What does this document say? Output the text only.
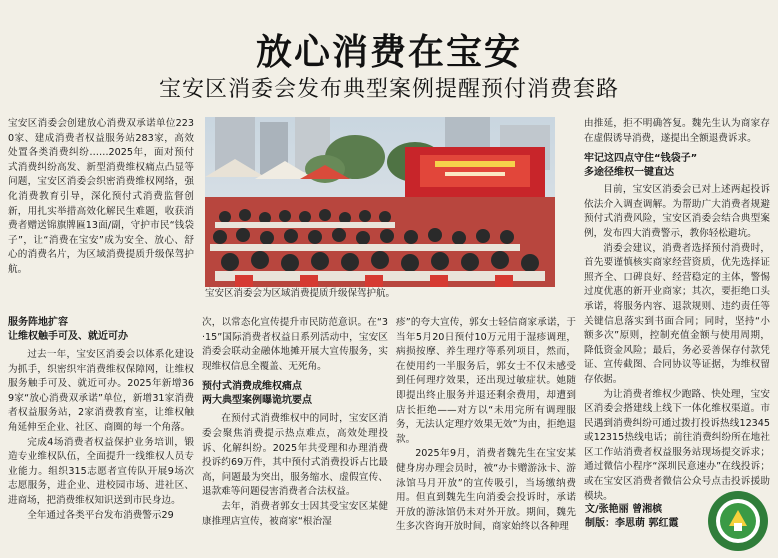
放心消费在宝安
宝安区消委会发布典型案例提醒预付消费套路

宝安区消委会创建放心消费双承诺单位2230家、建成消费者权益服务站283家，高效处置各类消费纠纷……2025年，面对预付式消费纠纷高发、新型消费维权痛点凸显等问题，宝安区消委会织密消费维权网络，强化消费教育引导，深化预付式消费监督创新，用扎实举措高效化解民生难题，收获消费者赠送锦旗牌匾13面/副，守护市民“钱袋子”，让“消费在宝安”成为安全、放心、舒心的消费名片，为区域消费提质升级保驾护航。

宝安区消委会为区域消费提质升级保驾护航。
服务阵地扩容
让维权触手可及、就近可办

过去一年，宝安区消委会以体系化建设为抓手，织密织牢消费维权保障网，让维权服务触手可及、就近可办。2025年新增369家“放心消费双承诺”单位，新增31家消费者权益服务站，2家消费教育室，让维权触角延伸至企业、社区、商圈的每一个角落。

完成4场消费者权益保护业务培训，锻造专业维权队伍，全面提升一线维权人员专业能力。组织315志愿者宣传队开展9场次志愿服务，进企业、进校园市场、进社区、进商场，把消费维权知识送到市民身边。

全年通过各类平台发布消费警示29

次，以常态化宣传提升市民防范意识。在“3·15”国际消费者权益日系列活动中，宝安区消委会联动金融体地摊开展大宣传服务，实现维权信息全覆盖、无死角。

预付式消费成维权痛点
两大典型案例曝诡坑要点

在预付式消费维权中的同时，宝安区消委会聚焦消费提示热点难点，高效处理投诉、化解纠纷。2025年共受理和办理消费投诉约69万件，其中预付式消费投诉占比最高，问题最为突出，服务缩水、虚假宣传、退款难等问题侵害消费者合法权益。

去年，消费者郭女士因其受宝安区某健康推理店宣传，被商家“根治湿

疹”的夸大宣传，郭女士轻信商家承诺，于当年5月20日预付10万元用于湿疹调理，病损按摩、养生理疗等系列项目，然而，在使用约一半服务后，郭女士不仅未感受到任何理疗效果，还出现过敏症状。她随即提出终止服务并退还剩余费用，却遭到店长拒绝——对方以“未用完所有调理服务，无法认定理疗效果无效”为由，拒绝退款。

2025年9月，消费者魏先生在宝安某健身房办理会员时，被“办卡赠游泳卡、游泳馆马月开放”的宣传吸引，当场缴纳费用。但直到魏先生向消委会投诉时，承诺开放的游泳馆仍未对外开放。期间，魏先生多次咨询开放时间，商家始终以各种理

由推延，拒不明确答复。魏先生认为商家存在虚假诱导消费，遂提出全额退费诉求。

牢记这四点守住“钱袋子”
多途径维权一键直达

目前，宝安区消委会已对上述两起投诉依法介入调查调解。为帮助广大消费者规避预付式消费风险，宝安区消委会结合典型案例，发布四大消费警示，教你轻松避坑。

消委会建议，消费者选择预付消费时，首先要谨慎核实商家经营资质，优先选择证照齐全、口碑良好、经营稳定的主体，警惕过度优惠的新开业商家；其次，要拒绝口头承诺，将服务内容、退款规则、违约责任等关键信息落实到书面合同；同时，坚持“小额多次”原则，控制充值金额与使用周期，降低资金风险；最后，务必妥善保存付款凭证、宣传截图、合同协议等证据，为维权留存依据。

为让消费者维权少跑路、快处理，宝安区消委会搭建线上线下一体化维权渠道。市民遇到消费纠纷可通过拨打投诉热线12345或12315热线电话；前往消费纠纷所在地社区工作站消费者权益服务站现场提交诉求；通过微信小程序“深圳民意速办”在线投诉；或在宝安区消费者微信公众号点击投诉援助模块。

文/张艳丽 曾湘槟
制版：李思萌 郭红霞
